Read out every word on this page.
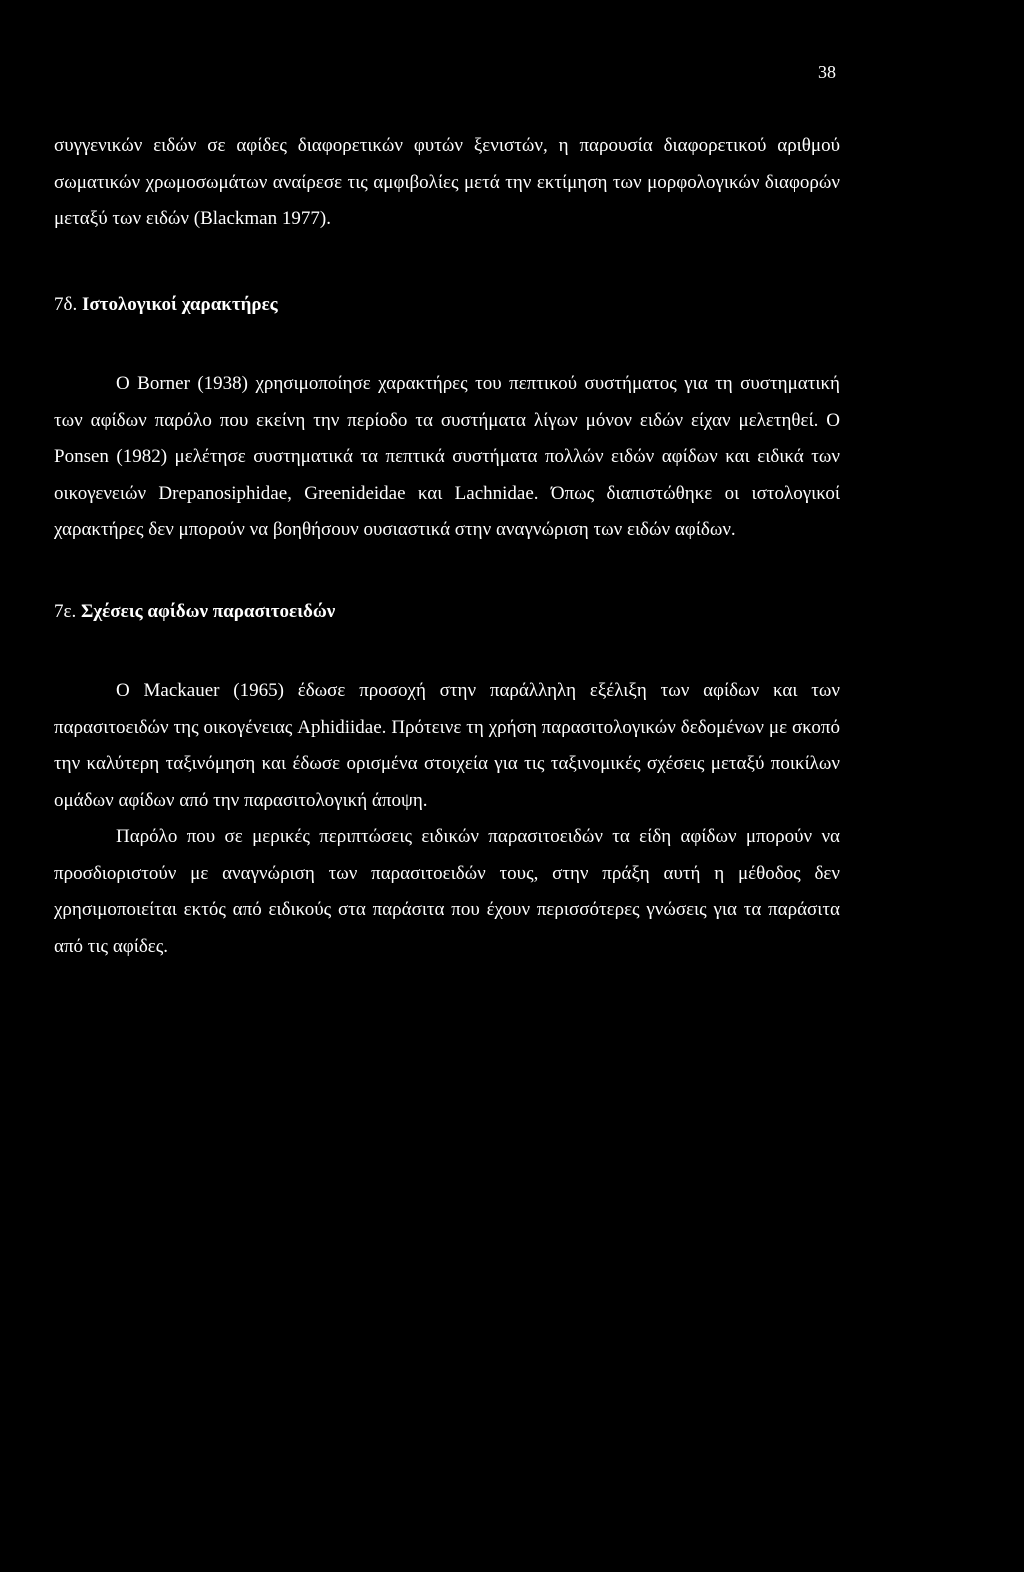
38

συγγενικών ειδών σε αφίδες διαφορετικών φυτών ξενιστών, η παρουσία διαφορετικού αριθμού σωματικών χρωμοσωμάτων αναίρεσε τις αμφιβολίες μετά την εκτίμηση των μορφολογικών διαφορών μεταξύ των ειδών (Blackman 1977).

7δ. Ιστολογικοί χαρακτήρες

O Borner (1938) χρησιμοποίησε χαρακτήρες του πεπτικού συστήματος για τη συστηματική των αφίδων παρόλο που εκείνη την περίοδο τα συστήματα λίγων μόνον ειδών είχαν μελετηθεί. O Ponsen (1982) μελέτησε συστηματικά τα πεπτικά συστήματα πολλών ειδών αφίδων και ειδικά των οικογενειών Drepanosiphidae, Greenideidae και Lachnidae. Όπως διαπιστώθηκε οι ιστολογικοί χαρακτήρες δεν μπορούν να βοηθήσουν ουσιαστικά στην αναγνώριση των ειδών αφίδων.

7ε. Σχέσεις αφίδων παρασιτοειδών

O Mackauer (1965) έδωσε προσοχή στην παράλληλη εξέλιξη των αφίδων και των παρασιτοειδών της οικογένειας Aphidiidae. Πρότεινε τη χρήση παρασιτολογικών δεδομένων με σκοπό την καλύτερη ταξινόμηση και έδωσε ορισμένα στοιχεία για τις ταξινομικές σχέσεις μεταξύ ποικίλων ομάδων αφίδων από την παρασιτολογική άποψη.

Παρόλο που σε μερικές περιπτώσεις ειδικών παρασιτοειδών τα είδη αφίδων μπορούν να προσδιοριστούν με αναγνώριση των παρασιτοειδών τους, στην πράξη αυτή η μέθοδος δεν χρησιμοποιείται εκτός από ειδικούς στα παράσιτα που έχουν περισσότερες γνώσεις για τα παράσιτα από τις αφίδες.
